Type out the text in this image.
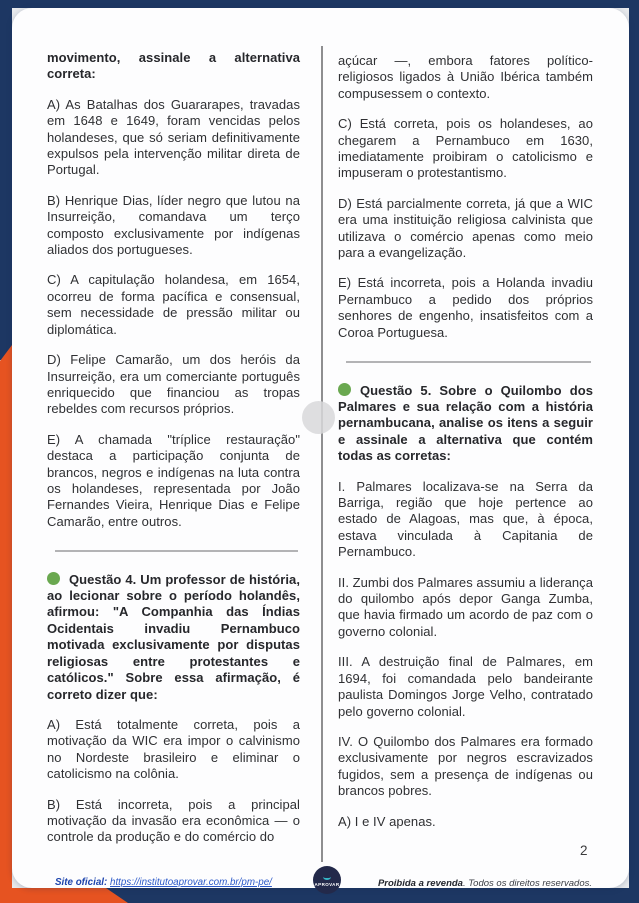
movimento, assinale a alternativa correta:

A) As Batalhas dos Guararapes, travadas em 1648 e 1649, foram vencidas pelos holandeses, que só seriam definitivamente expulsos pela intervenção militar direta de Portugal.

B) Henrique Dias, líder negro que lutou na Insurreição, comandava um terço composto exclusivamente por indígenas aliados dos portugueses.

C) A capitulação holandesa, em 1654, ocorreu de forma pacífica e consensual, sem necessidade de pressão militar ou diplomática.

D) Felipe Camarão, um dos heróis da Insurreição, era um comerciante português enriquecido que financiou as tropas rebeldes com recursos próprios.

E) A chamada "tríplice restauração" destaca a participação conjunta de brancos, negros e indígenas na luta contra os holandeses, representada por João Fernandes Vieira, Henrique Dias e Felipe Camarão, entre outros.

Questão 4. Um professor de história, ao lecionar sobre o período holandês, afirmou: "A Companhia das Índias Ocidentais invadiu Pernambuco motivada exclusivamente por disputas religiosas entre protestantes e católicos." Sobre essa afirmação, é correto dizer que:

A) Está totalmente correta, pois a motivação da WIC era impor o calvinismo no Nordeste brasileiro e eliminar o catolicismo na colônia.

B) Está incorreta, pois a principal motivação da invasão era econômica — o controle da produção e do comércio do

açúcar —, embora fatores político-religiosos ligados à União Ibérica também compusessem o contexto.

C) Está correta, pois os holandeses, ao chegarem a Pernambuco em 1630, imediatamente proibiram o catolicismo e impuseram o protestantismo.

D) Está parcialmente correta, já que a WIC era uma instituição religiosa calvinista que utilizava o comércio apenas como meio para a evangelização.

E) Está incorreta, pois a Holanda invadiu Pernambuco a pedido dos próprios senhores de engenho, insatisfeitos com a Coroa Portuguesa.

Questão 5. Sobre o Quilombo dos Palmares e sua relação com a história pernambucana, analise os itens a seguir e assinale a alternativa que contém todas as corretas:

I. Palmares localizava-se na Serra da Barriga, região que hoje pertence ao estado de Alagoas, mas que, à época, estava vinculada à Capitania de Pernambuco.

II. Zumbi dos Palmares assumiu a liderança do quilombo após depor Ganga Zumba, que havia firmado um acordo de paz com o governo colonial.

III. A destruição final de Palmares, em 1694, foi comandada pelo bandeirante paulista Domingos Jorge Velho, contratado pelo governo colonial.

IV. O Quilombo dos Palmares era formado exclusivamente por negros escravizados fugidos, sem a presença de indígenas ou brancos pobres.

A) I e IV apenas.

2
Site oficial: https://institutoaprovar.com.br/pm-pe/	APROVAR	Proibida a revenda. Todos os direitos reservados.
